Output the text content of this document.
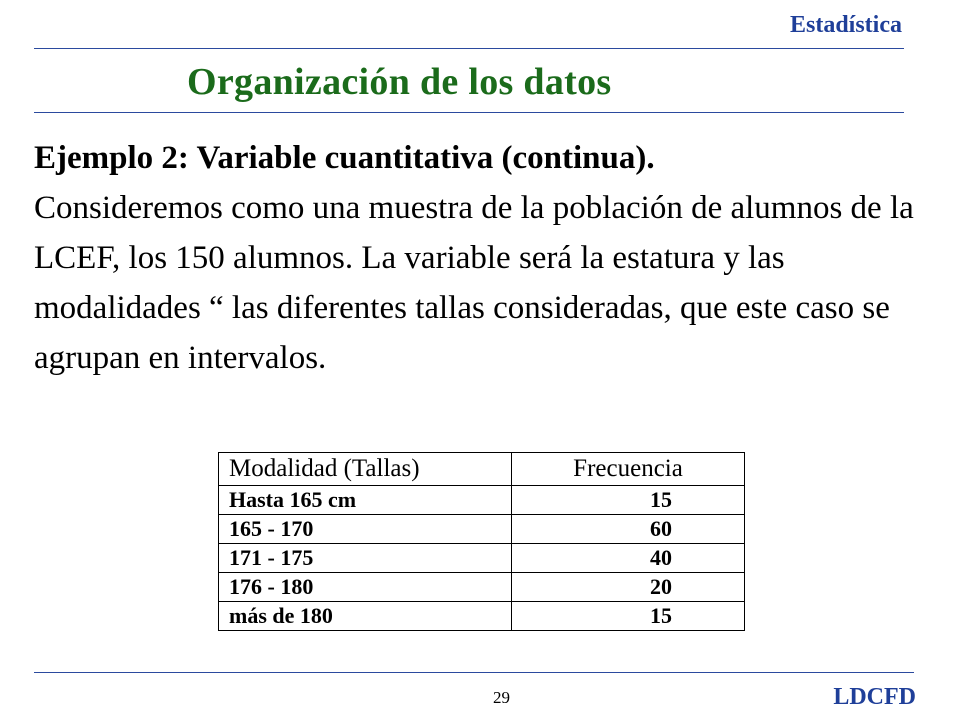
Estadística
Organización de los datos
Ejemplo 2: Variable cuantitativa (continua).
Consideremos como una muestra de la población de alumnos de la LCEF, los 150 alumnos. La variable será la estatura y las modalidades “ las diferentes tallas consideradas, que este caso se agrupan en intervalos.
Modalidad (Tallas)	Frecuencia
Hasta 165 cm	15
165 - 170	60
171 - 175	40
176 - 180	20
más de 180	15
29	LDCFD
